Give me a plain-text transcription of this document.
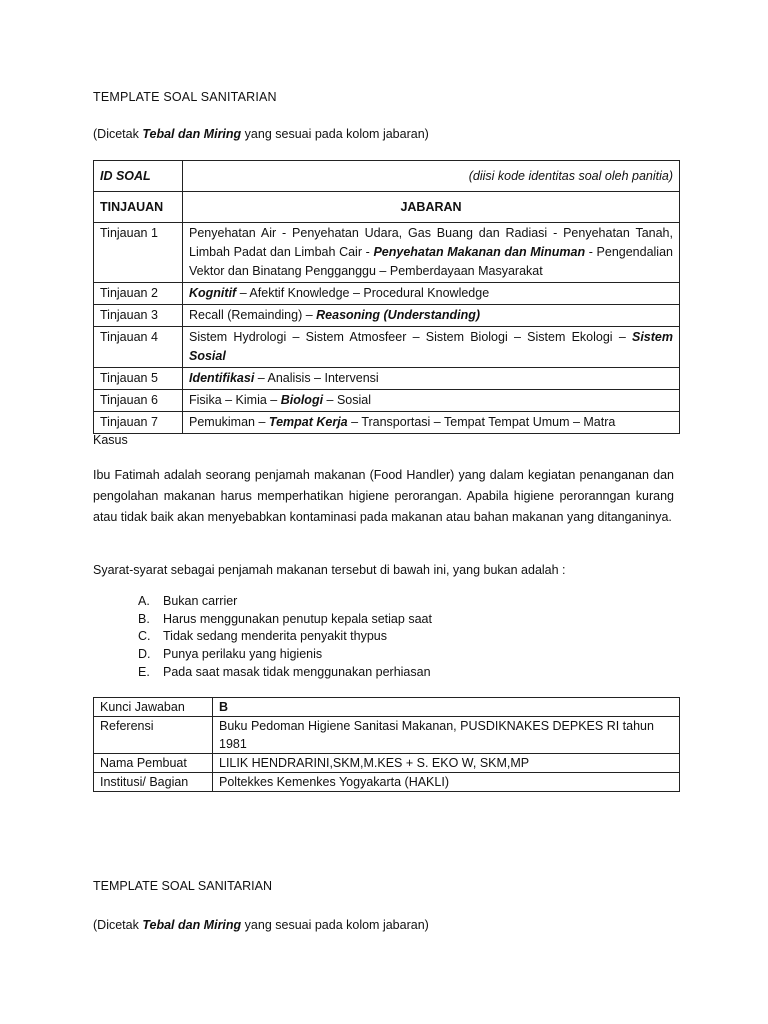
TEMPLATE SOAL SANITARIAN
(Dicetak Tebal dan Miring yang sesuai pada kolom jabaran)
ID SOAL	(diisi kode identitas soal oleh panitia)
TINJAUAN	JABARAN
Tinjauan 1	Penyehatan Air - Penyehatan Udara, Gas Buang dan Radiasi - Penyehatan Tanah, Limbah Padat dan Limbah Cair - Penyehatan Makanan dan Minuman - Pengendalian Vektor dan Binatang Pengganggu – Pemberdayaan Masyarakat
Tinjauan 2	Kognitif – Afektif Knowledge – Procedural Knowledge
Tinjauan 3	Recall (Remainding) – Reasoning (Understanding)
Tinjauan 4	Sistem Hydrologi – Sistem Atmosfeer – Sistem Biologi – Sistem Ekologi – Sistem Sosial
Tinjauan 5	Identifikasi – Analisis – Intervensi
Tinjauan 6	Fisika – Kimia – Biologi – Sosial
Tinjauan 7	Pemukiman – Tempat Kerja – Transportasi – Tempat Tempat Umum – Matra
Kasus
Ibu Fatimah adalah seorang penjamah makanan (Food Handler) yang dalam kegiatan penanganan dan pengolahan makanan harus memperhatikan higiene perorangan. Apabila higiene peroranngan kurang atau tidak baik akan menyebabkan kontaminasi pada makanan atau bahan makanan yang ditanganinya.
Syarat-syarat sebagai penjamah makanan tersebut di bawah ini, yang bukan adalah :
A. Bukan carrier
B. Harus menggunakan penutup kepala setiap saat
C. Tidak sedang menderita penyakit thypus
D. Punya perilaku yang higienis
E. Pada saat masak tidak menggunakan perhiasan
Kunci Jawaban	B
Referensi	Buku Pedoman Higiene Sanitasi Makanan, PUSDIKNAKES DEPKES RI tahun 1981
Nama Pembuat	LILIK HENDRARINI,SKM,M.KES + S. EKO W, SKM,MP
Institusi/ Bagian	Poltekkes Kemenkes Yogyakarta (HAKLI)
TEMPLATE SOAL SANITARIAN
(Dicetak Tebal dan Miring yang sesuai pada kolom jabaran)
